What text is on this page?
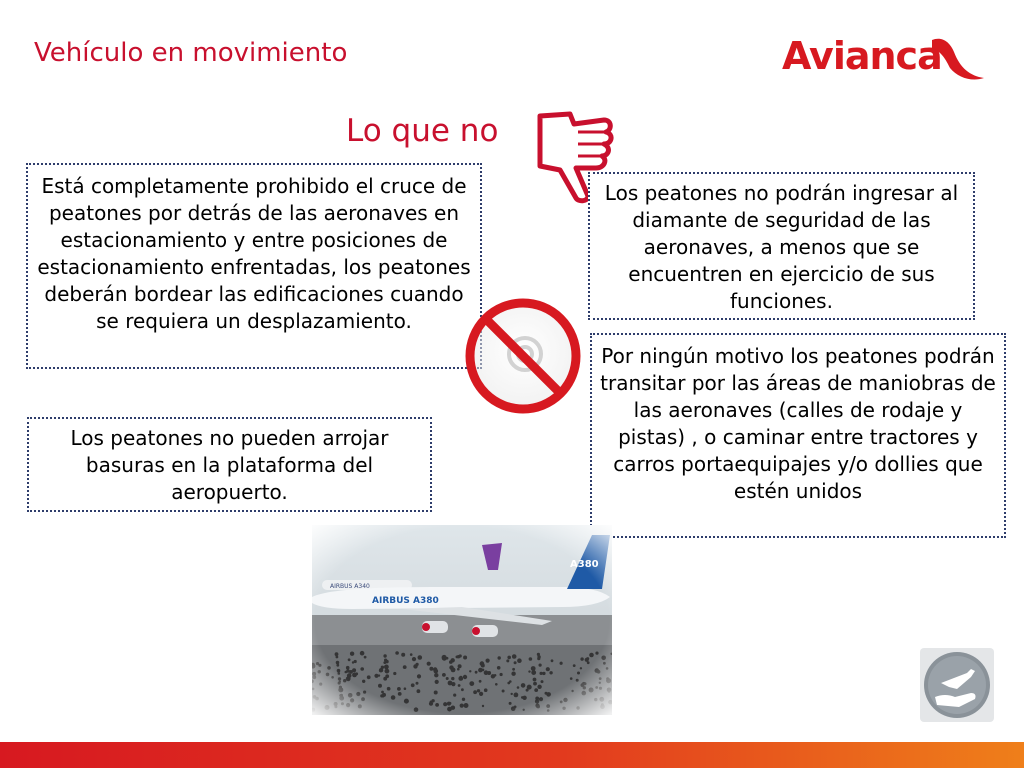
Vehículo en movimiento	Avianca
Lo que no
Está completamente prohibido el cruce de peatones por detrás de las aeronaves en estacionamiento y entre posiciones de estacionamiento enfrentadas, los peatones deberán bordear las edificaciones cuando se requiera un desplazamiento.
Los peatones no pueden arrojar basuras en la plataforma del aeropuerto.
Los peatones no podrán ingresar al diamante de seguridad de las aeronaves, a menos que se encuentren en ejercicio de sus funciones.
Por ningún motivo los peatones podrán transitar por las áreas de maniobras de las aeronaves (calles de rodaje y pistas) , o caminar entre tractores y carros portaequipajes y/o dollies que estén unidos
